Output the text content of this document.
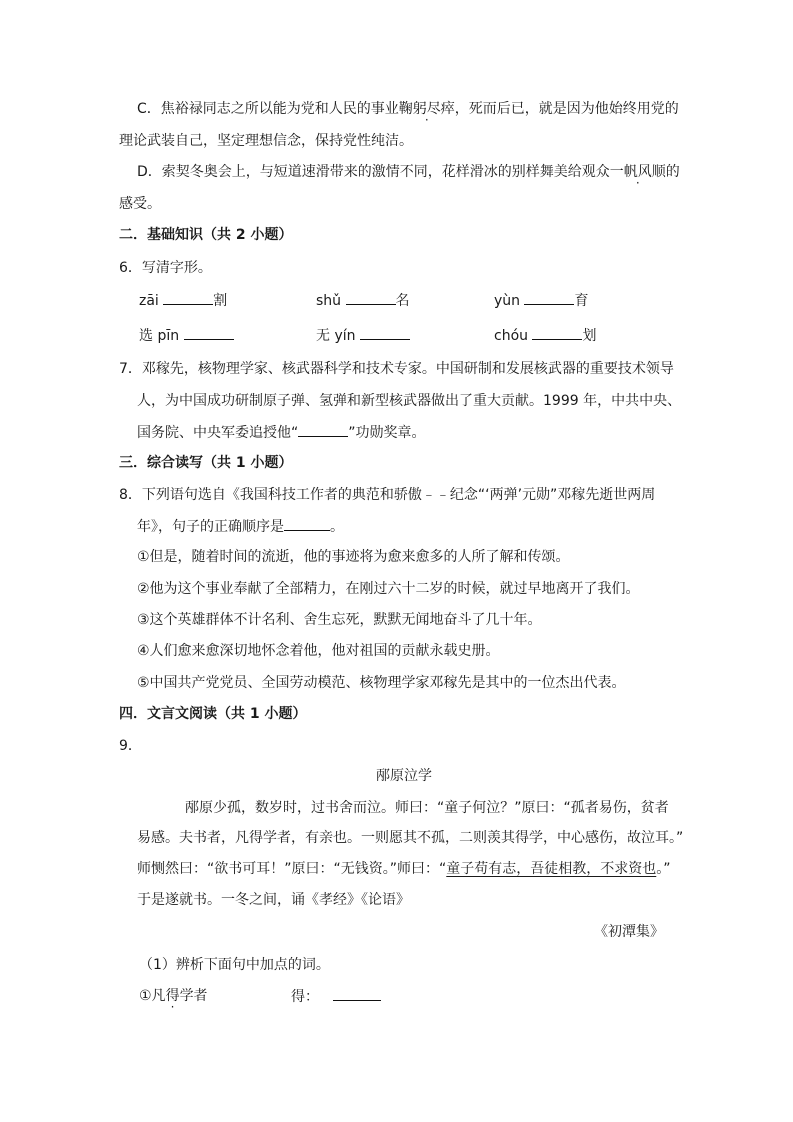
C．焦裕禄同志之所以能为党和人民的事业鞠躬尽瘁，死而后已，就是因为他始终用党的
理论武装自己，坚定理想信念，保持党性纯洁。
D．索契冬奥会上，与短道速滑带来的激情不同，花样滑冰的别样舞美给观众一帆风顺的
感受。
二．基础知识（共 2 小题）
6．写清字形。
zāi	割	shǔ	名	yùn	育
选 pīn	无 yín	chóu	划
7．邓稼先，核物理学家、核武器科学和技术专家。中国研制和发展核武器的重要技术领导
人，为中国成功研制原子弹、氢弹和新型核武器做出了重大贡献。1999 年，中共中央、
国务院、中央军委追授他“	”功勋奖章。
三．综合读写（共 1 小题）
8．下列语句选自《我国科技工作者的典范和骄傲﹣﹣纪念“‘两弹’元勋”邓稼先逝世两周
年》，句子的正确顺序是	。
①但是，随着时间的流逝，他的事迹将为愈来愈多的人所了解和传颂。
②他为这个事业奉献了全部精力，在刚过六十二岁的时候，就过早地离开了我们。
③这个英雄群体不计名利、舍生忘死，默默无闻地奋斗了几十年。
④人们愈来愈深切地怀念着他，他对祖国的贡献永载史册。
⑤中国共产党党员、全国劳动模范、核物理学家邓稼先是其中的一位杰出代表。
四．文言文阅读（共 1 小题）
9．
邴原泣学
邴原少孤，数岁时，过书舍而泣。师曰：“童子何泣？”原曰：“孤者易伤，贫者
易感。夫书者，凡得学者，有亲也。一则愿其不孤，二则羡其得学，中心感伤，故泣耳。”
师恻然曰：“欲书可耳！”原曰：“无钱资。”师曰：“童子苟有志，吾徒相教，不求资也。”
于是遂就书。一冬之间，诵《孝经》《论语》
《初潭集》
（1）辨析下面句中加点的词。
①凡得学者	得：
